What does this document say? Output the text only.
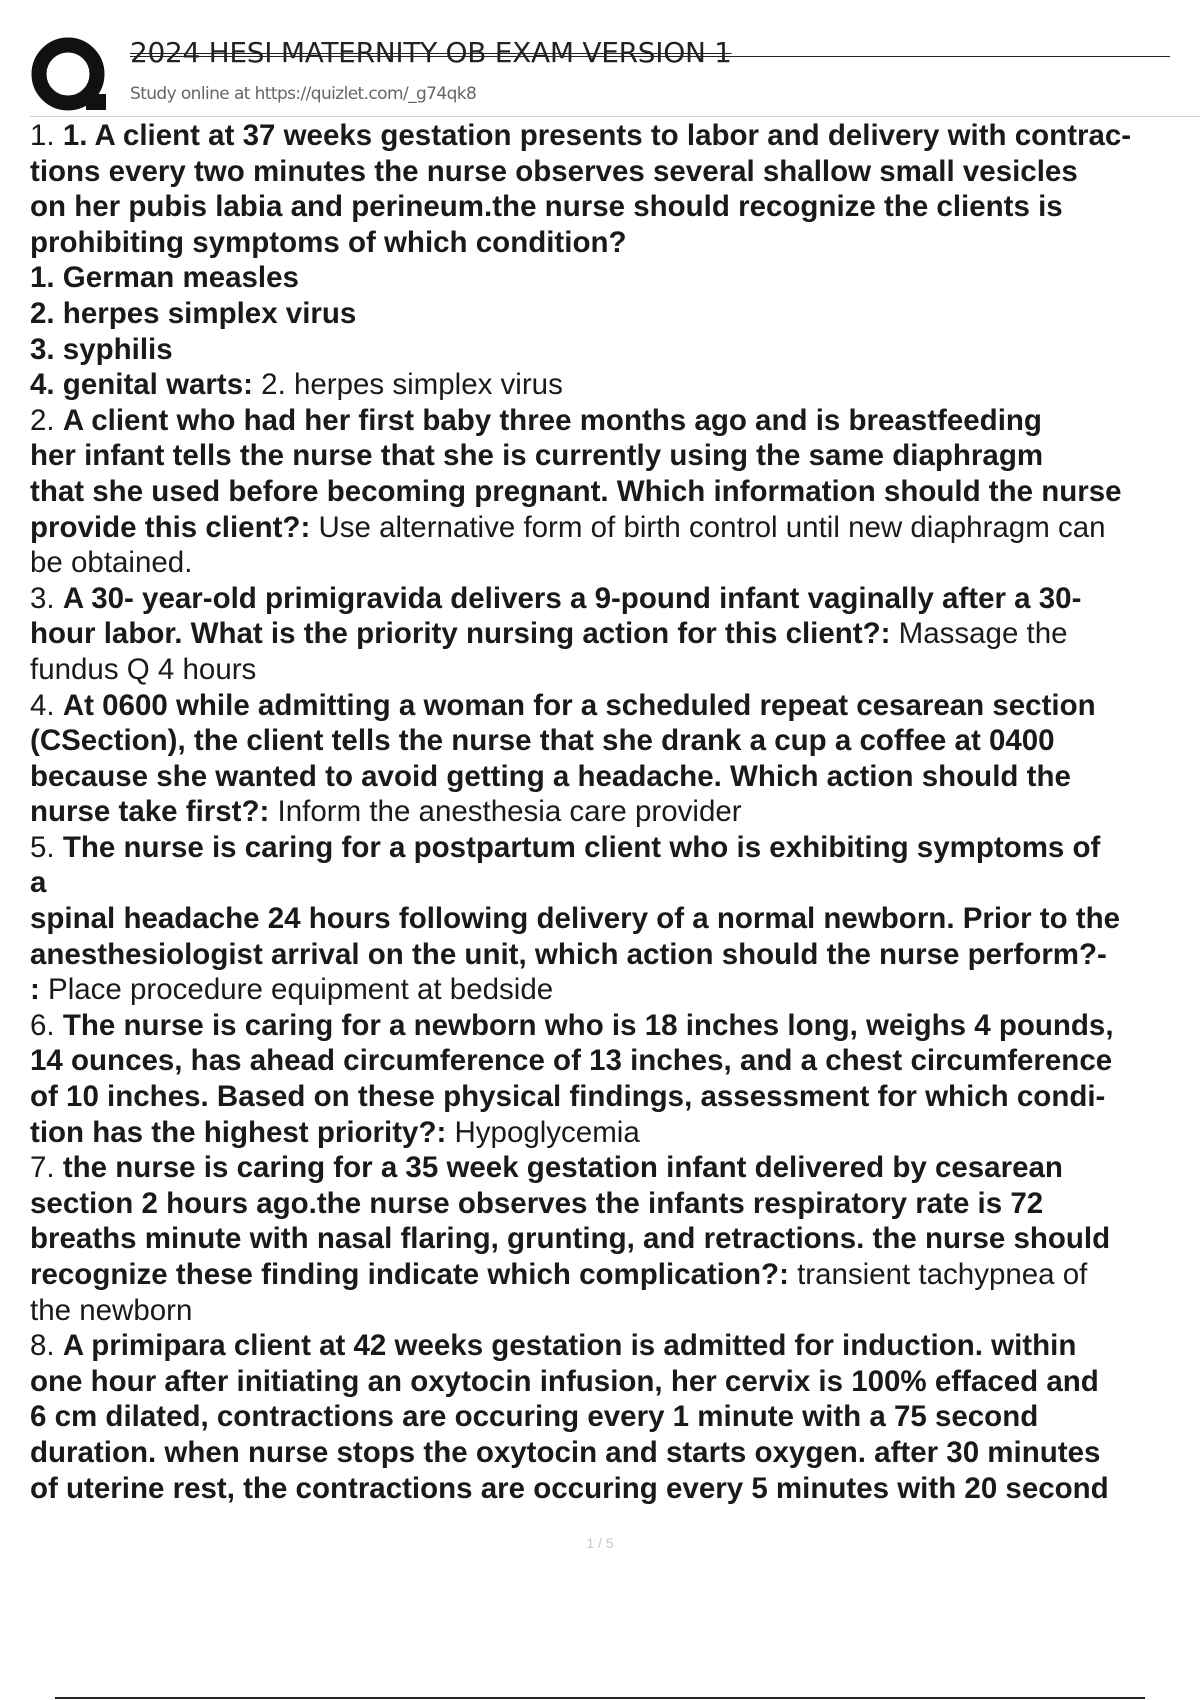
2024 HESI MATERNITY OB EXAM VERSION 1
Study online at https://quizlet.com/_g74qk8
1. 1. A client at 37 weeks gestation presents to labor and delivery with contrac-
tions every two minutes the nurse observes several shallow small vesicles
on her pubis labia and perineum.the nurse should recognize the clients is
prohibiting symptoms of which condition?
1. German measles
2. herpes simplex virus
3. syphilis
4. genital warts: 2. herpes simplex virus
2. A client who had her first baby three months ago and is breastfeeding
her infant tells the nurse that she is currently using the same diaphragm
that she used before becoming pregnant. Which information should the nurse
provide this client?: Use alternative form of birth control until new diaphragm can
be obtained.
3. A 30- year-old primigravida delivers a 9-pound infant vaginally after a 30-
hour labor. What is the priority nursing action for this client?: Massage the
fundus Q 4 hours
4. At 0600 while admitting a woman for a scheduled repeat cesarean section
(CSection), the client tells the nurse that she drank a cup a coffee at 0400
because she wanted to avoid getting a headache. Which action should the
nurse take first?: Inform the anesthesia care provider
5. The nurse is caring for a postpartum client who is exhibiting symptoms of
a
spinal headache 24 hours following delivery of a normal newborn. Prior to the
anesthesiologist arrival on the unit, which action should the nurse perform?-
: Place procedure equipment at bedside
6. The nurse is caring for a newborn who is 18 inches long, weighs 4 pounds,
14 ounces, has ahead circumference of 13 inches, and a chest circumference
of 10 inches. Based on these physical findings, assessment for which condi-
tion has the highest priority?: Hypoglycemia
7. the nurse is caring for a 35 week gestation infant delivered by cesarean
section 2 hours ago.the nurse observes the infants respiratory rate is 72
breaths minute with nasal flaring, grunting, and retractions. the nurse should
recognize these finding indicate which complication?: transient tachypnea of
the newborn
8. A primipara client at 42 weeks gestation is admitted for induction. within
one hour after initiating an oxytocin infusion, her cervix is 100% effaced and
6 cm dilated, contractions are occuring every 1 minute with a 75 second
duration. when nurse stops the oxytocin and starts oxygen. after 30 minutes
of uterine rest, the contractions are occuring every 5 minutes with 20 second
1 / 5
